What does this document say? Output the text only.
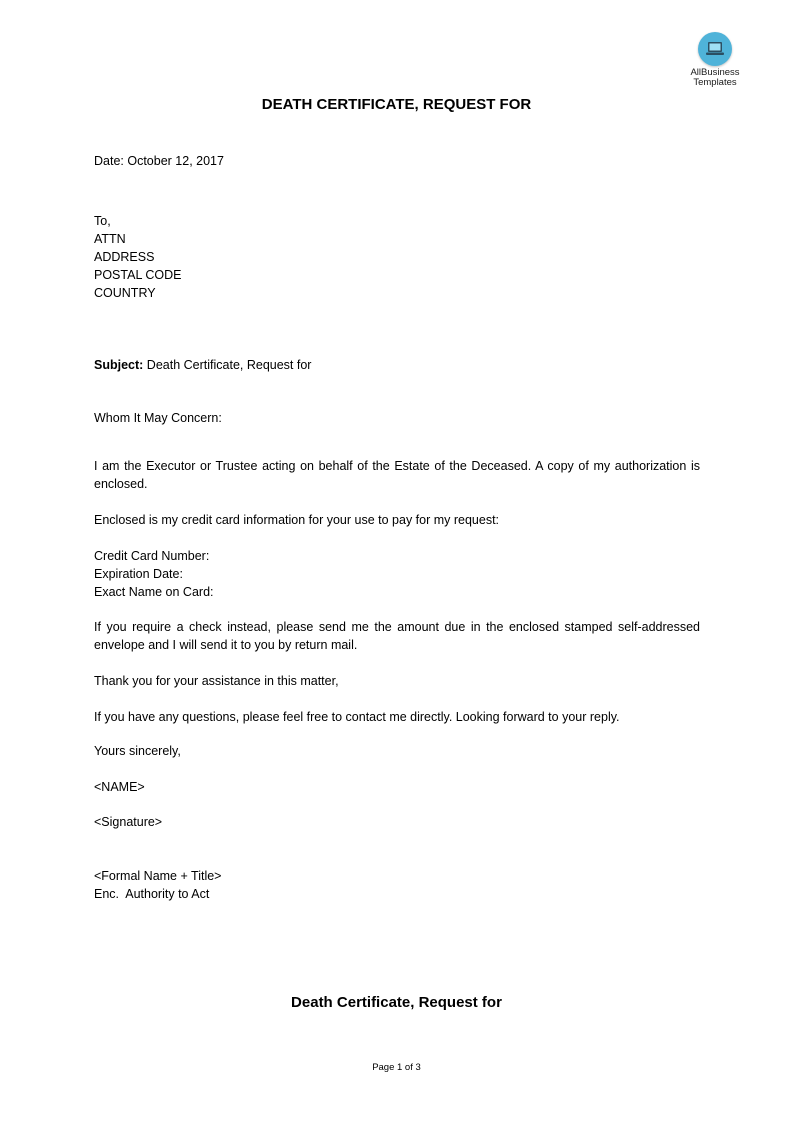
AllBusiness
Templates
DEATH CERTIFICATE, REQUEST FOR
Date: October 12, 2017
To,
ATTN
ADDRESS
POSTAL CODE
COUNTRY
Subject: Death Certificate, Request for
Whom It May Concern:
I am the Executor or Trustee acting on behalf of the Estate of the Deceased. A copy of my authorization is enclosed.
Enclosed is my credit card information for your use to pay for my request:
Credit Card Number:
Expiration Date:
Exact Name on Card:
If you require a check instead, please send me the amount due in the enclosed stamped self-addressed envelope and I will send it to you by return mail.
Thank you for your assistance in this matter,
If you have any questions, please feel free to contact me directly. Looking forward to your reply.
Yours sincerely,
<NAME>
<Signature>
<Formal Name + Title>
Enc.  Authority to Act
Death Certificate, Request for
Page 1 of 3
